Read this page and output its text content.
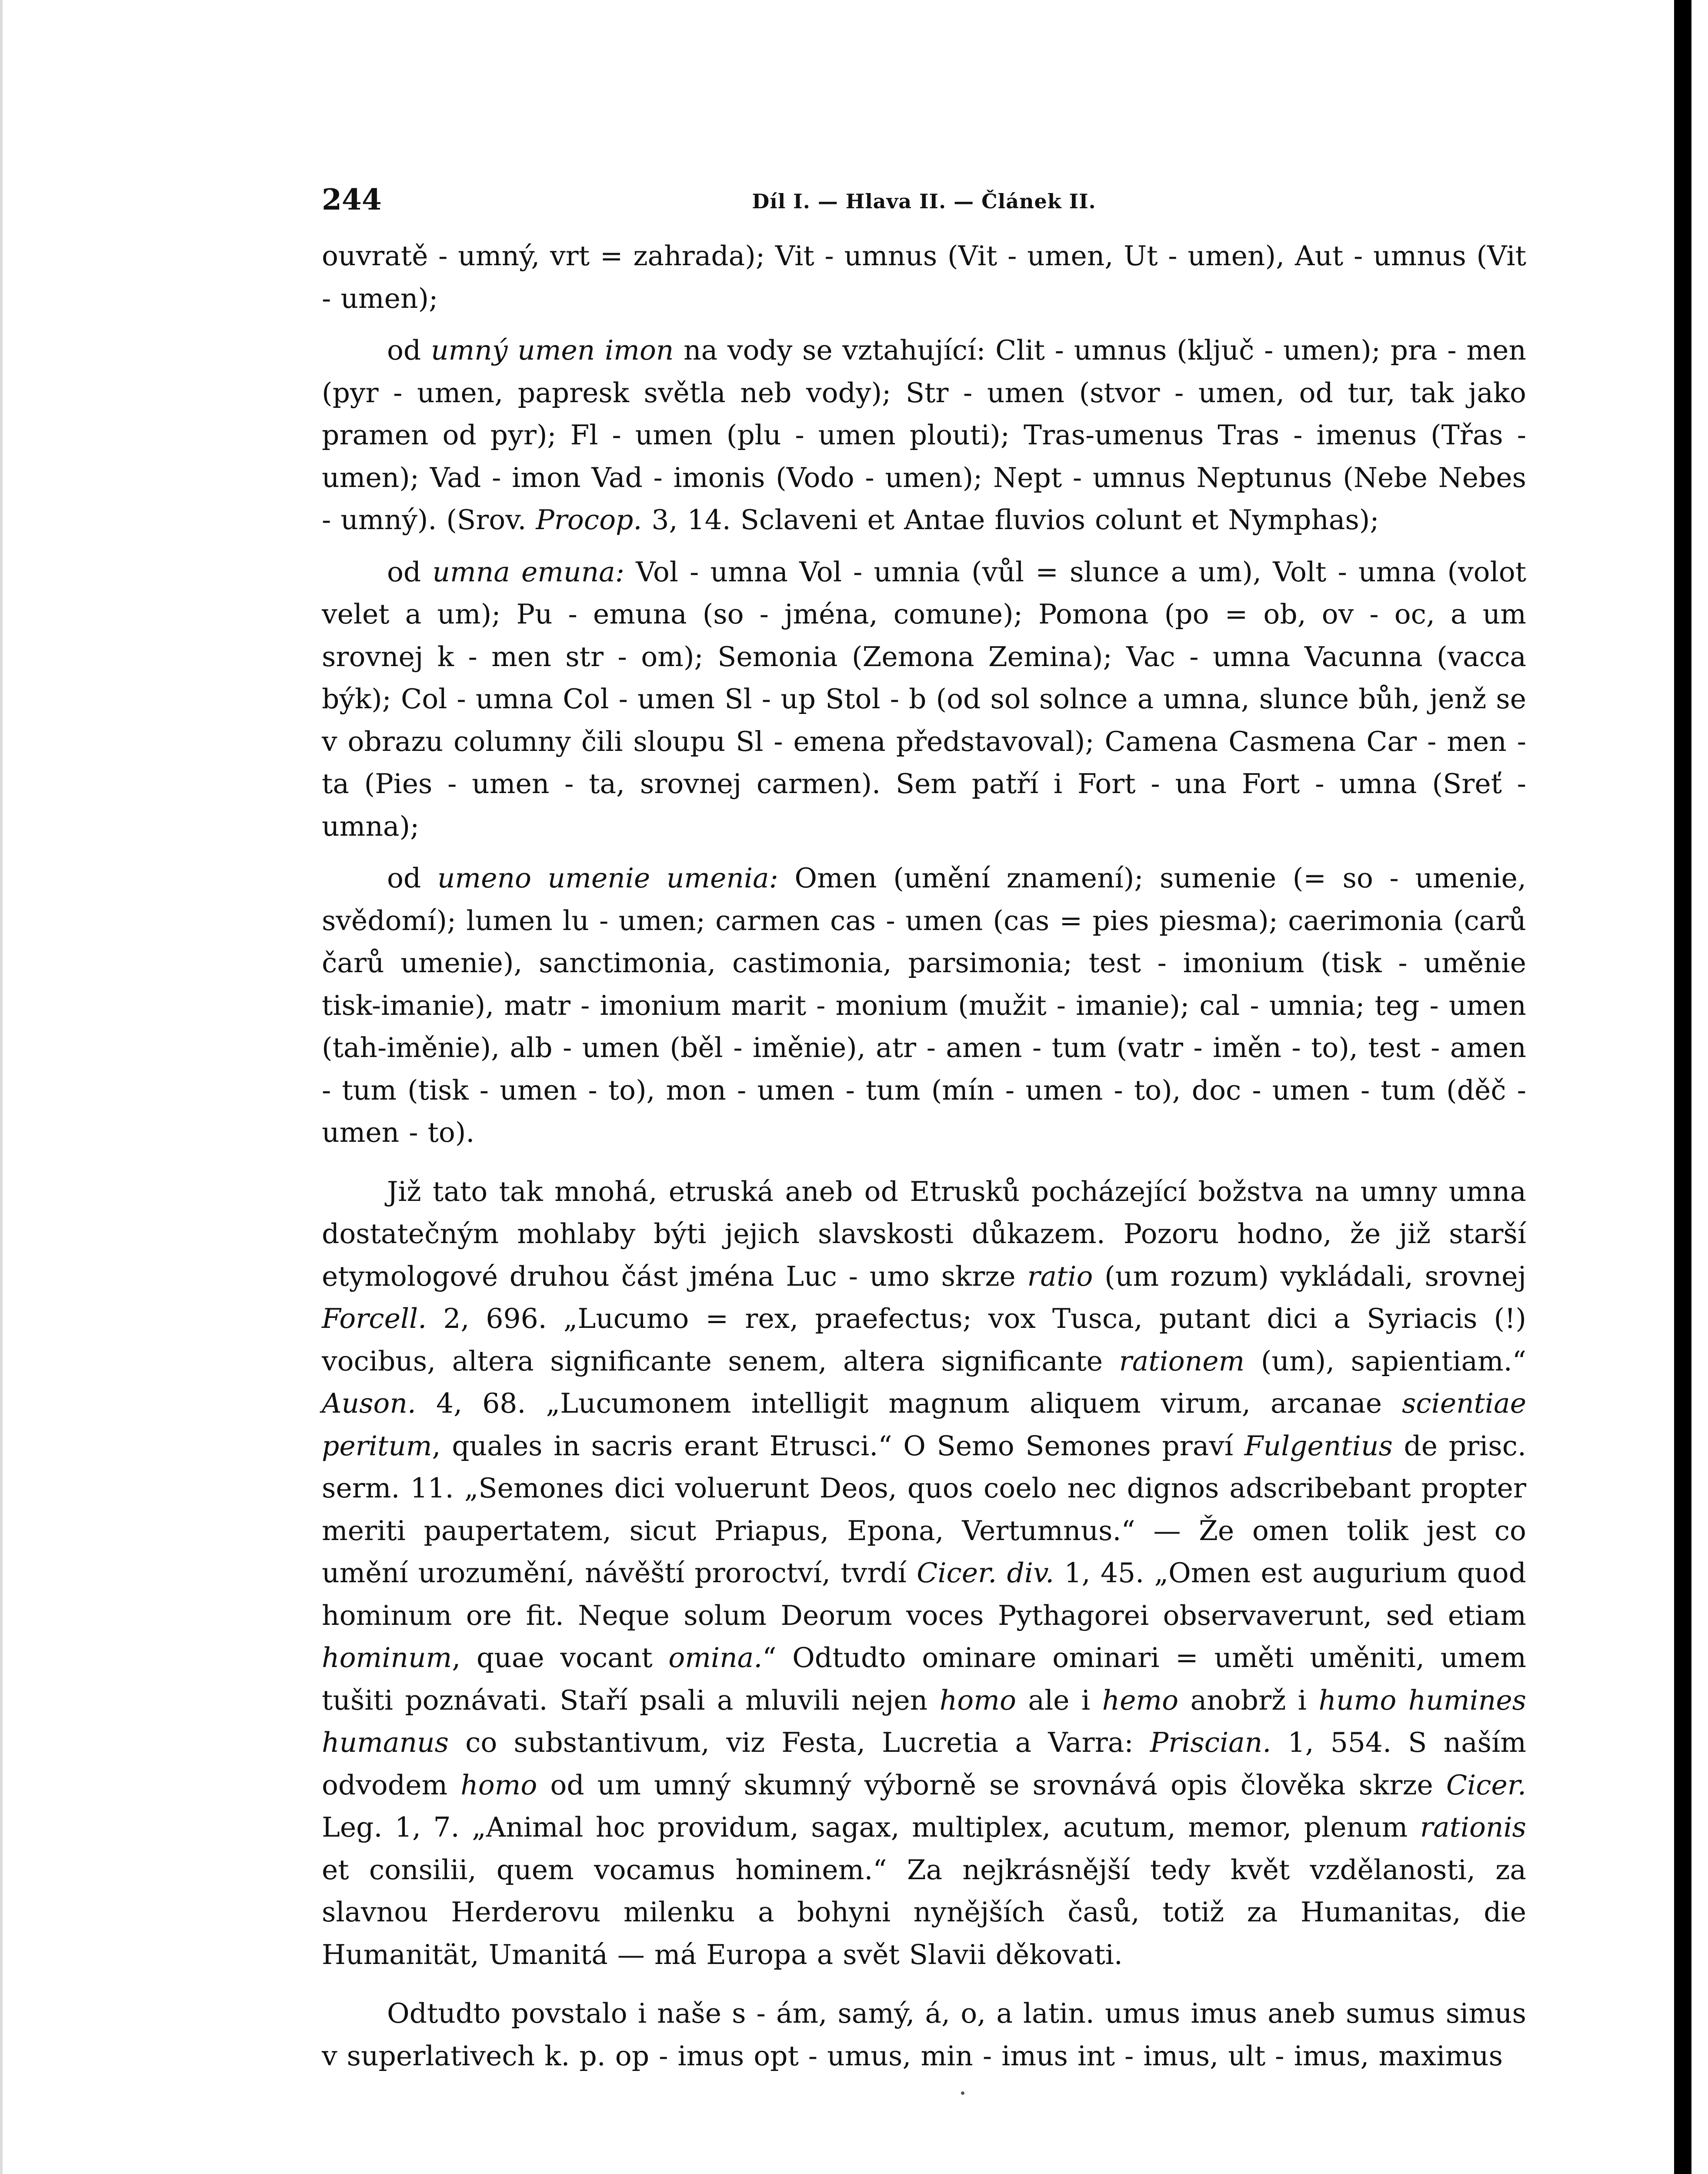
244	Díl I. — Hlava II. — Článek II.

ouvratě - umný, vrt = zahrada); Vit - umnus (Vit - umen, Ut - umen), Aut - umnus (Vit - umen);

od umný umen imon na vody se vztahující: Clit - umnus (ključ - umen); pra - men (pyr - umen, papresk světla neb vody); Str - umen (stvor - umen, od tur, tak jako pramen od pyr); Fl - umen (plu - umen plouti); Tras-umenus Tras - imenus (Třas - umen); Vad - imon Vad - imonis (Vodo - umen); Nept - umnus Neptunus (Nebe Nebes - umný). (Srov. Procop. 3, 14. Sclaveni et Antae fluvios colunt et Nymphas);

od umna emuna: Vol - umna Vol - umnia (vůl = slunce a um), Volt - umna (volot velet a um); Pu - emuna (so - jména, comune); Pomona (po = ob, ov - oc, a um srovnej k - men str - om); Semonia (Zemona Zemina); Vac - umna Vacunna (vacca býk); Col - umna Col - umen Sl - up Stol - b (od sol solnce a umna, slunce bůh, jenž se v obrazu columny čili sloupu Sl - emena představoval); Camena Casmena Car - men - ta (Pies - umen - ta, srovnej carmen). Sem patří i Fort - una Fort - umna (Sreť - umna);

od umeno umenie umenia: Omen (umění znamení); sumenie (= so - umenie, svědomí); lumen lu - umen; carmen cas - umen (cas = pies piesma); caerimonia (carů čarů umenie), sanctimonia, castimonia, parsimonia; test - imonium (tisk - uměnie tisk-imanie), matr - imonium marit - monium (mužit - imanie); cal - umnia; teg - umen (tah-iměnie), alb - umen (běl - iměnie), atr - amen - tum (vatr - iměn - to), test - amen - tum (tisk - umen - to), mon - umen - tum (mín - umen - to), doc - umen - tum (děč - umen - to).

Již tato tak mnohá, etruská aneb od Etrusků pocházející božstva na umny umna dostatečným mohlaby býti jejich slavskosti důkazem. Pozoru hodno, že již starší etymologové druhou část jména Luc - umo skrze ratio (um rozum) vykládali, srovnej Forcell. 2, 696. „Lucumo = rex, praefectus; vox Tusca, putant dici a Syriacis (!) vocibus, altera significante senem, altera significante rationem (um), sapientiam.“ Auson. 4, 68. „Lucumonem intelligit magnum aliquem virum, arcanae scientiae peritum, quales in sacris erant Etrusci.“ O Semo Semones praví Fulgentius de prisc. serm. 11. „Semones dici voluerunt Deos, quos coelo nec dignos adscribebant propter meriti paupertatem, sicut Priapus, Epona, Vertumnus.“ — Že omen tolik jest co umění urozumění, návěští proroctví, tvrdí Cicer. div. 1, 45. „Omen est augurium quod hominum ore fit. Neque solum Deorum voces Pythagorei observaverunt, sed etiam hominum, quae vocant omina.“ Odtudto ominare ominari = uměti uměniti, umem tušiti poznávati. Staří psali a mluvili nejen homo ale i hemo anobrž i humo humines humanus co substantivum, viz Festa, Lucretia a Varra: Priscian. 1, 554. S naším odvodem homo od um umný skumný výborně se srovnává opis člověka skrze Cicer. Leg. 1, 7. „Animal hoc providum, sagax, multiplex, acutum, memor, plenum rationis et consilii, quem vocamus hominem.“ Za nejkrásnější tedy květ vzdělanosti, za slavnou Herderovu milenku a bohyni nynějších časů, totiž za Humanitas, die Humanität, Umanitá — má Europa a svět Slavii děkovati.

Odtudto povstalo i naše s - ám, samý, á, o, a latin. umus imus aneb sumus simus v superlativech k. p. op - imus opt - umus, min - imus int - imus, ult - imus, maximus
